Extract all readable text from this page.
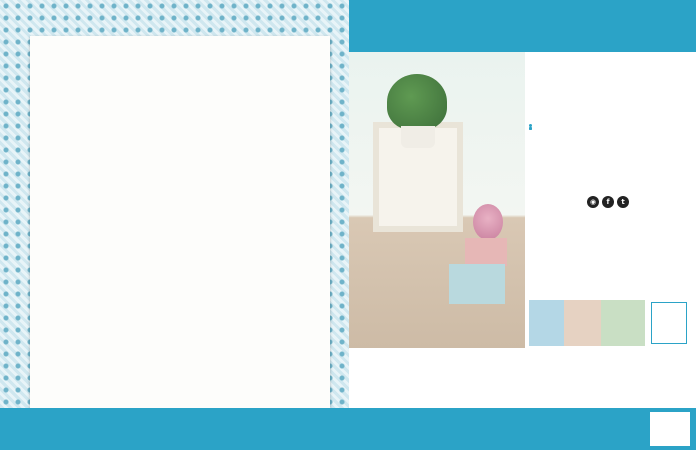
◉	f	t
